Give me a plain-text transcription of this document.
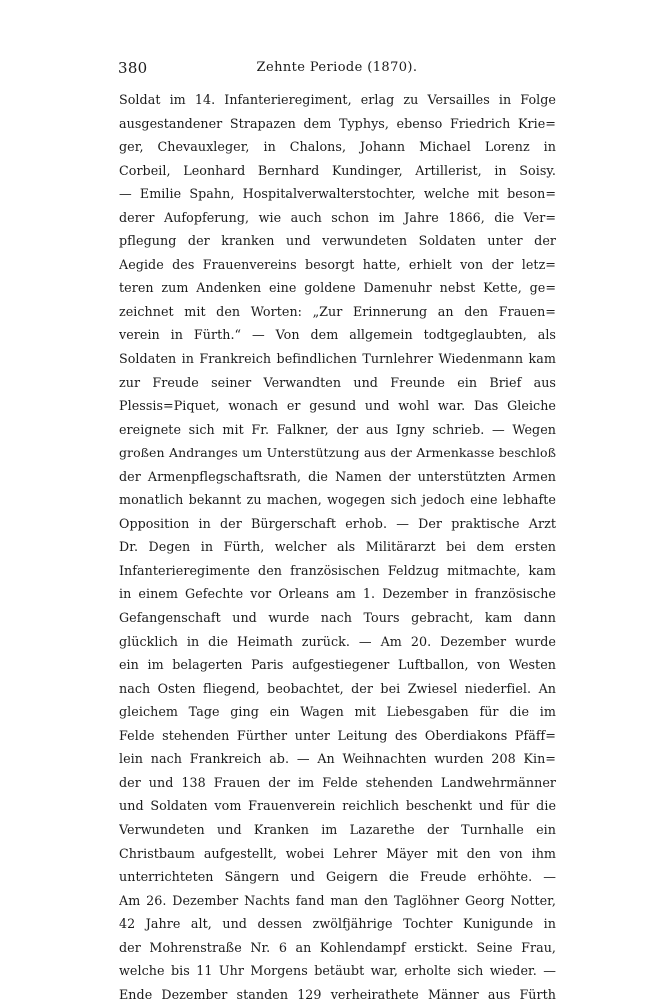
380	Zehnte Periode (1870).
Soldat im 14. Infanterieregiment, erlag zu Versailles in Folge
ausgestandener Strapazen dem Typhys, ebenso Friedrich Krie=
ger, Chevauxleger, in Chalons, Johann Michael Lorenz in
Corbeil, Leonhard Bernhard Kundinger, Artillerist, in Soisy.
— Emilie Spahn, Hospitalverwalterstochter, welche mit beson=
derer Aufopferung, wie auch schon im Jahre 1866, die Ver=
pflegung der kranken und verwundeten Soldaten unter der
Aegide des Frauenvereins besorgt hatte, erhielt von der letz=
teren zum Andenken eine goldene Damenuhr nebst Kette, ge=
zeichnet mit den Worten: „Zur Erinnerung an den Frauen=
verein in Fürth.“ — Von dem allgemein todtgeglaubten, als
Soldaten in Frankreich befindlichen Turnlehrer Wiedenmann kam
zur Freude seiner Verwandten und Freunde ein Brief aus
Plessis=Piquet, wonach er gesund und wohl war. Das Gleiche
ereignete sich mit Fr. Falkner, der aus Igny schrieb. — Wegen
großen Andranges um Unterstützung aus der Armenkasse beschloß
der Armenpflegschaftsrath, die Namen der unterstützten Armen
monatlich bekannt zu machen, wogegen sich jedoch eine lebhafte
Opposition in der Bürgerschaft erhob. — Der praktische Arzt
Dr. Degen in Fürth, welcher als Militärarzt bei dem ersten
Infanterieregimente den französischen Feldzug mitmachte, kam
in einem Gefechte vor Orleans am 1. Dezember in französische
Gefangenschaft und wurde nach Tours gebracht, kam dann
glücklich in die Heimath zurück. — Am 20. Dezember wurde
ein im belagerten Paris aufgestiegener Luftballon, von Westen
nach Osten fliegend, beobachtet, der bei Zwiesel niederfiel. An
gleichem Tage ging ein Wagen mit Liebesgaben für die im
Felde stehenden Fürther unter Leitung des Oberdiakons Pfäff=
lein nach Frankreich ab. — An Weihnachten wurden 208 Kin=
der und 138 Frauen der im Felde stehenden Landwehrmänner
und Soldaten vom Frauenverein reichlich beschenkt und für die
Verwundeten und Kranken im Lazarethe der Turnhalle ein
Christbaum aufgestellt, wobei Lehrer Mäyer mit den von ihm
unterrichteten Sängern und Geigern die Freude erhöhte. —
Am 26. Dezember Nachts fand man den Taglöhner Georg Notter,
42 Jahre alt, und dessen zwölfjährige Tochter Kunigunde in
der Mohrenstraße Nr. 6 an Kohlendampf erstickt. Seine Frau,
welche bis 11 Uhr Morgens betäubt war, erholte sich wieder. —
Ende Dezember standen 129 verheirathete Männer aus Fürth
